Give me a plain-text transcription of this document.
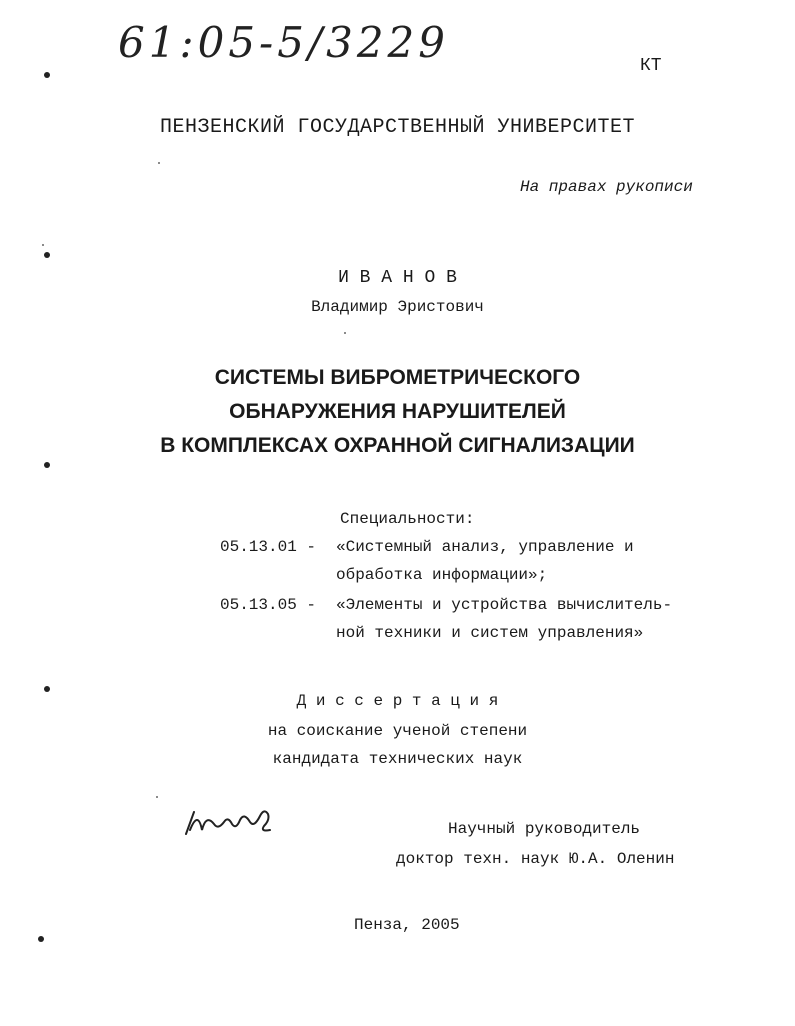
61:05-5/3229	КТ
ПЕНЗЕНСКИЙ ГОСУДАРСТВЕННЫЙ УНИВЕРСИТЕТ
На правах рукописи
И В А Н О В
Владимир Эристович
СИСТЕМЫ ВИБРОМЕТРИЧЕСКОГО
ОБНАРУЖЕНИЯ НАРУШИТЕЛЕЙ
В КОМПЛЕКСАХ ОХРАННОЙ СИГНАЛИЗАЦИИ
Специальности:
05.13.01 - «Системный анализ, управление и
обработка информации»;
05.13.05 - «Элементы и устройства вычислитель-
ной техники и систем управления»
Д и с с е р т а ц и я
на соискание ученой степени
кандидата технических наук
Научный руководитель
доктор техн. наук Ю.А. Оленин
Пенза, 2005
